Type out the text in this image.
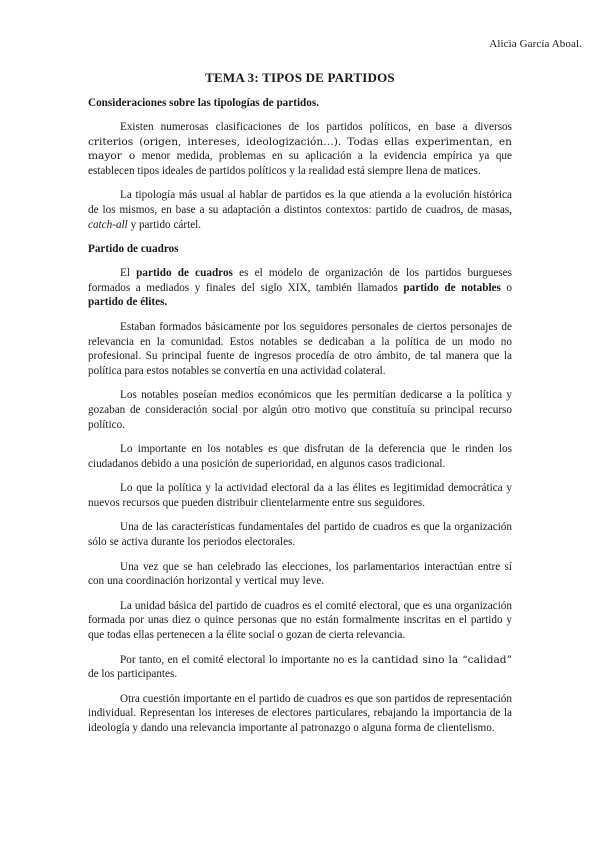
Alicia García Aboal.
TEMA 3: TIPOS DE PARTIDOS
Consideraciones sobre las tipologías de partidos.

Existen numerosas clasificaciones de los partidos políticos, en base a diversos criterios (origen, intereses, ideologización…). Todas ellas experimentan, en mayor o menor medida, problemas en su aplicación a la evidencia empírica ya que establecen tipos ideales de partidos políticos y la realidad está siempre llena de matices.

La tipología más usual al hablar de partidos es la que atienda a la evolución histórica de los mismos, en base a su adaptación a distintos contextos: partido de cuadros, de masas, catch-all y partido cártel.

Partido de cuadros

El partido de cuadros es el modelo de organización de los partidos burgueses formados a mediados y finales del siglo XIX, también llamados partido de notables o partido de élites.

Estaban formados básicamente por los seguidores personales de ciertos personajes de relevancia en la comunidad. Estos notables se dedicaban a la política de un modo no profesional. Su principal fuente de ingresos procedía de otro ámbito, de tal manera que la política para estos notables se convertía en una actividad colateral.

Los notables poseían medios económicos que les permitían dedicarse a la política y gozaban de consideración social por algún otro motivo que constituía su principal recurso político.

Lo importante en los notables es que disfrutan de la deferencia que le rinden los ciudadanos debido a una posición de superioridad, en algunos casos tradicional.

Lo que la política y la actividad electoral da a las élites es legitimidad democrática y nuevos recursos que pueden distribuir clientelarmente entre sus seguidores.

Una de las características fundamentales del partido de cuadros es que la organización sólo se activa durante los periodos electorales.

Una vez que se han celebrado las elecciones, los parlamentarios interactúan entre sí con una coordinación horizontal y vertical muy leve.

La unidad básica del partido de cuadros es el comité electoral, que es una organización formada por unas diez o quince personas que no están formalmente inscritas en el partido y que todas ellas pertenecen a la élite social o gozan de cierta relevancia.

Por tanto, en el comité electoral lo importante no es la cantidad sino la “calidad” de los participantes.

Otra cuestión importante en el partido de cuadros es que son partidos de representación individual. Representan los intereses de electores particulares, rebajando la importancia de la ideología y dando una relevancia importante al patronazgo o alguna forma de clientelismo.
